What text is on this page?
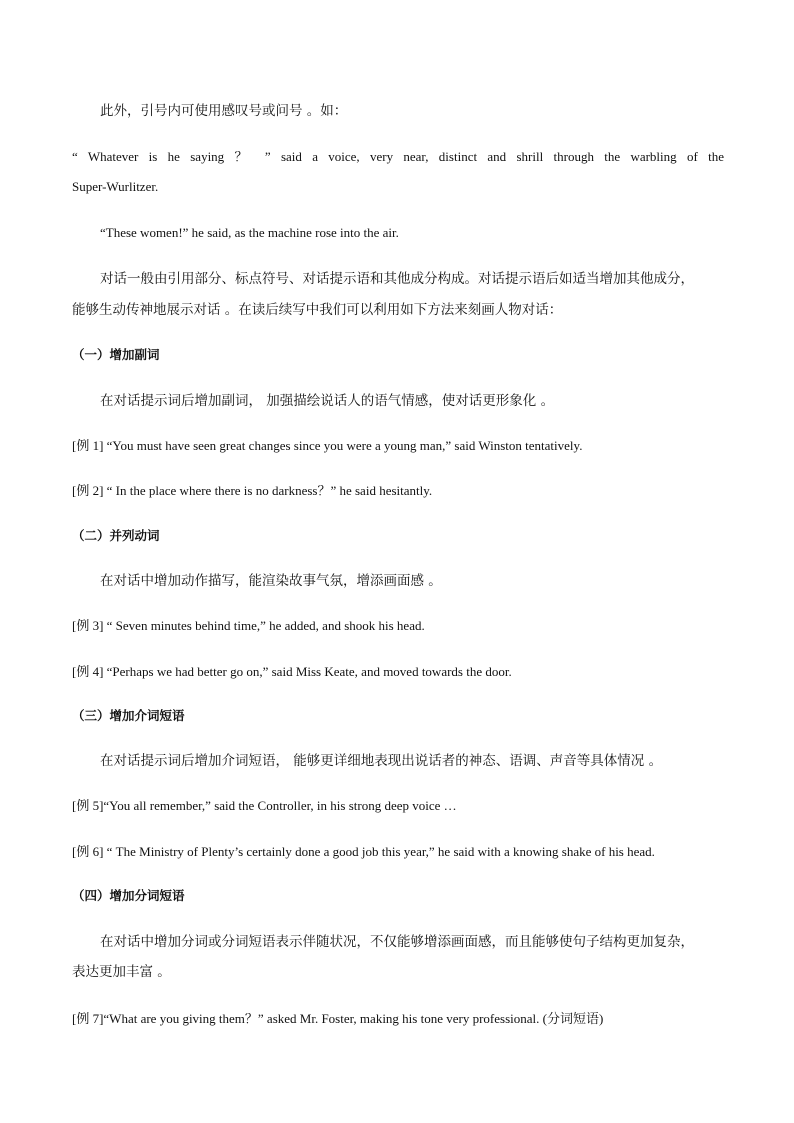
此外，引号内可使用感叹号或问号 。如：
“ Whatever is he saying ？ ” said a voice, very near, distinct and shrill through the warbling of the
Super-Wurlitzer.
“These women!” he said, as the machine rose into the air.
对话一般由引用部分、标点符号、对话提示语和其他成分构成。对话提示语后如适当增加其他成分，
能够生动传神地展示对话 。在读后续写中我们可以利用如下方法来刻画人物对话：
（一）增加副词
在对话提示词后增加副词， 加强描绘说话人的语气情感，使对话更形象化 。
[例 1] “You must have seen great changes since you were a young man,” said Winston tentatively.
[例 2] “ In the place where there is no darkness？” he said hesitantly.
（二）并列动词
在对话中增加动作描写，能渲染故事气氛，增添画面感 。
[例 3] “ Seven minutes behind time,” he added, and shook his head.
[例 4] “Perhaps we had better go on,” said Miss Keate, and moved towards the door.
（三）增加介词短语
在对话提示词后增加介词短语， 能够更详细地表现出说话者的神态、语调、声音等具体情况 。
[例 5]“You all remember,” said the Controller, in his strong deep voice …
[例 6] “ The Ministry of Plenty’s certainly done a good job this year,” he said with a knowing shake of his head.
（四）增加分词短语
在对话中增加分词或分词短语表示伴随状况，不仅能够增添画面感，而且能够使句子结构更加复杂，
表达更加丰富 。
[例 7]“What are you giving them？” asked Mr. Foster, making his tone very professional. (分词短语)
